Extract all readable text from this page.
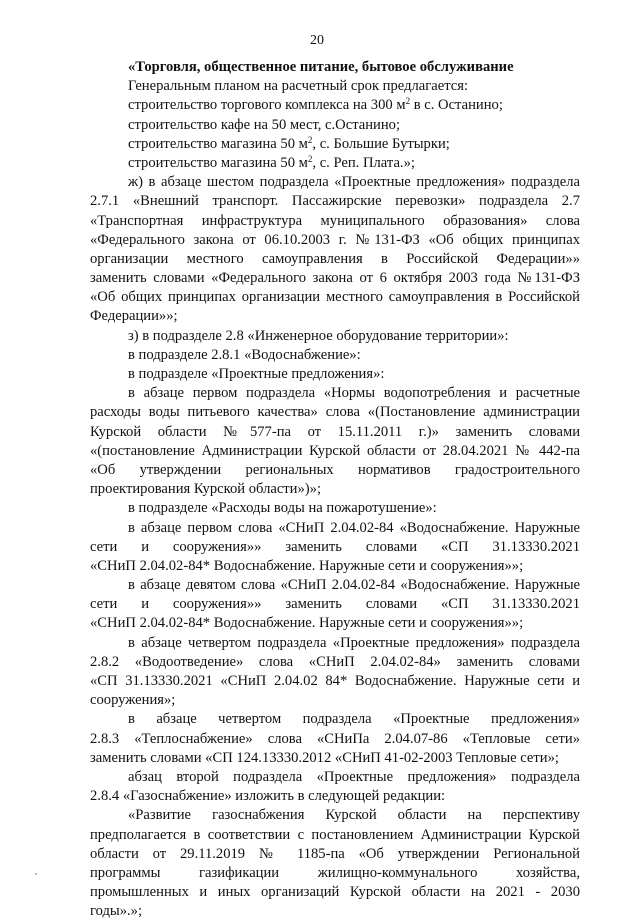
20
«Торговля, общественное питание, бытовое обслуживание
Генеральным планом на расчетный срок предлагается:
строительство торгового комплекса на 300 $м^2$ в с. Останино;
строительство кафе на 50 мест, с.Останино;
строительство магазина 50 $м^2$, с. Большие Бутырки;
строительство магазина 50 $м^2$, с. Реп. Плата.»;
ж) в абзаце шестом подраздела «Проектные предложения» подраздела
2.7.1 «Внешний транспорт. Пассажирские перевозки» подраздела 2.7
«Транспортная инфраструктура муниципального образования» слова
«Федерального закона от 06.10.2003 г. №131-ФЗ «Об общих принципах
организации местного самоуправления в Российской Федерации»»
заменить словами «Федерального закона от 6 октября 2003 года №131-ФЗ
«Об общих принципах организации местного самоуправления в Российской
Федерации»»;
з) в подразделе 2.8 «Инженерное оборудование территории»:
в подразделе 2.8.1 «Водоснабжение»:
в подразделе «Проектные предложения»:
в абзаце первом подраздела «Нормы водопотребления и расчетные
расходы воды питьевого качества» слова «(Постановление администрации
Курской области №577-па от 15.11.2011 г.)» заменить словами
«(постановление Администрации Курской области от 28.04.2021 № 442-па
«Об утверждении региональных нормативов градостроительного
проектирования Курской области»)»;
в подразделе «Расходы воды на пожаротушение»:
в абзаце первом слова «СНиП 2.04.02-84 «Водоснабжение. Наружные
сети и сооружения»» заменить словами «СП 31.13330.2021
«СНиП 2.04.02-84* Водоснабжение. Наружные сети и сооружения»»;
в абзаце девятом слова «СНиП 2.04.02-84 «Водоснабжение. Наружные
сети и сооружения»» заменить словами «СП 31.13330.2021
«СНиП 2.04.02-84* Водоснабжение. Наружные сети и сооружения»»;
в абзаце четвертом подраздела «Проектные предложения» подраздела
2.8.2 «Водоотведение» слова «СНиП 2.04.02-84» заменить словами
«СП 31.13330.2021 «СНиП 2.04.02 84* Водоснабжение. Наружные сети и
сооружения»;
в абзаце четвертом подраздела «Проектные предложения»
2.8.3 «Теплоснабжение» слова «СНиПа 2.04.07-86 «Тепловые сети»
заменить словами «СП 124.13330.2012 «СНиП 41-02-2003 Тепловые сети»;
абзац второй подраздела «Проектные предложения» подраздела
2.8.4 «Газоснабжение» изложить в следующей редакции:
«Развитие газоснабжения Курской области на перспективу
предполагается в соответствии с постановлением Администрации Курской
области от 29.11.2019 № 1185-па «Об утверждении Региональной
программы газификации жилищно-коммунального хозяйства,
промышленных и иных организаций Курской области на 2021 - 2030
годы».»;
